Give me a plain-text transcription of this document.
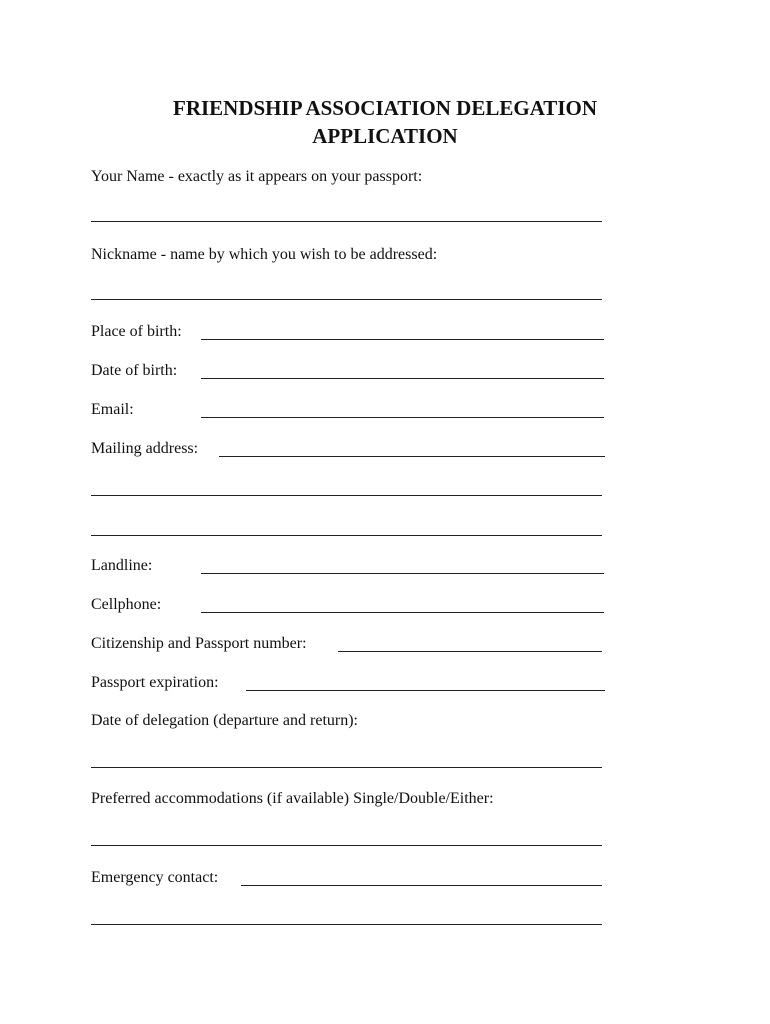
FRIENDSHIP ASSOCIATION DELEGATION
APPLICATION
Your Name - exactly as it appears on your passport:
Nickname - name by which you wish to be addressed:
Place of birth:
Date of birth:
Email:
Mailing address:
Landline:
Cellphone:
Citizenship and Passport number:
Passport expiration:
Date of delegation (departure and return):
Preferred accommodations (if available) Single/Double/Either:
Emergency contact:
